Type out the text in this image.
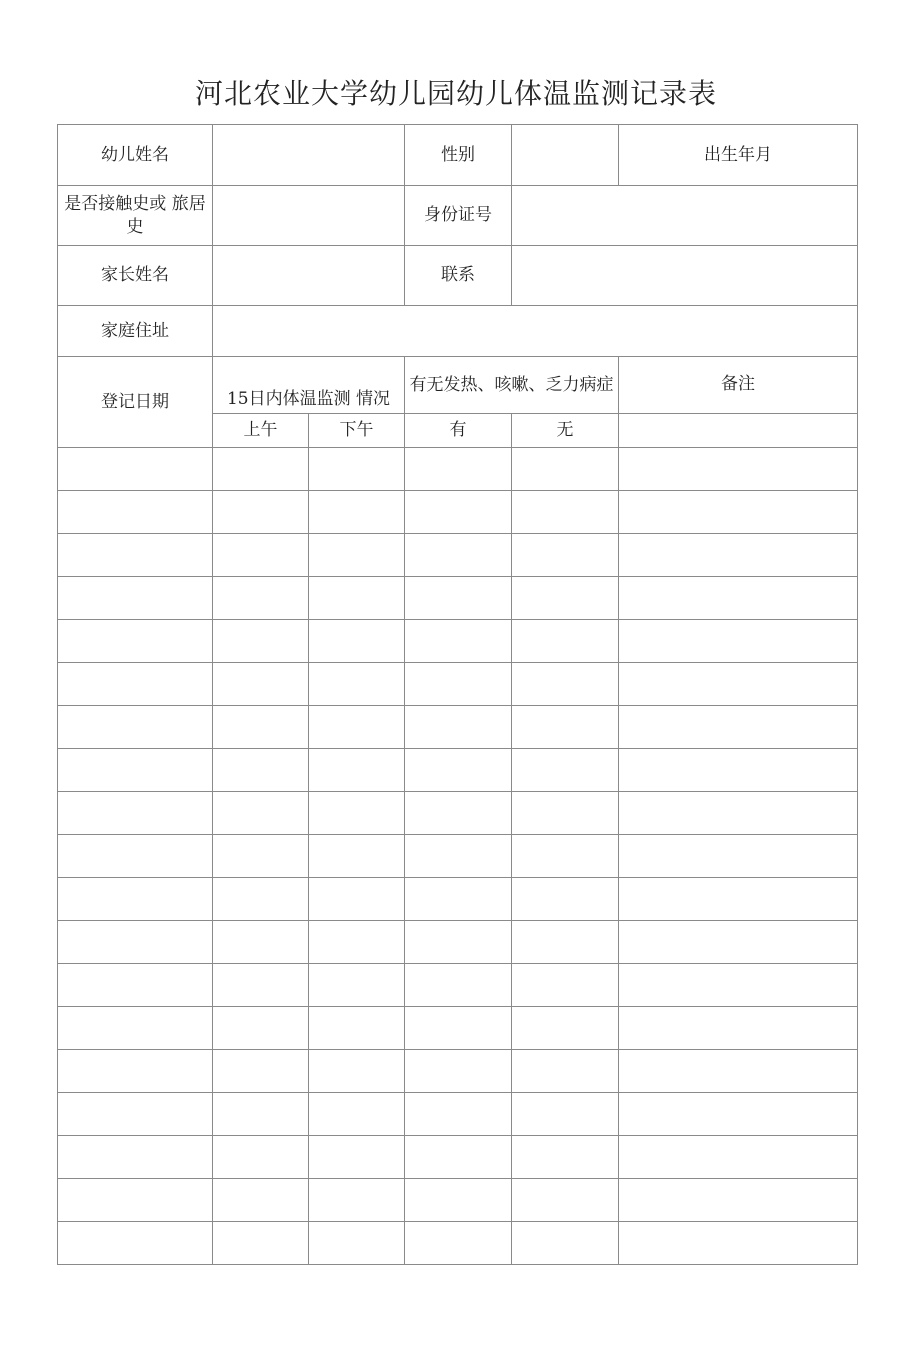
河北农业大学幼儿园幼儿体温监测记录表
幼儿姓名			性别		出生年月
是否接触史或 旅居史			身份证号		
家长姓名			联系		
家庭住址					
登记日期	15日内体温监测 情况		有无发热、咳嗽、乏力病症		备注
	上午	下午	有	无	
